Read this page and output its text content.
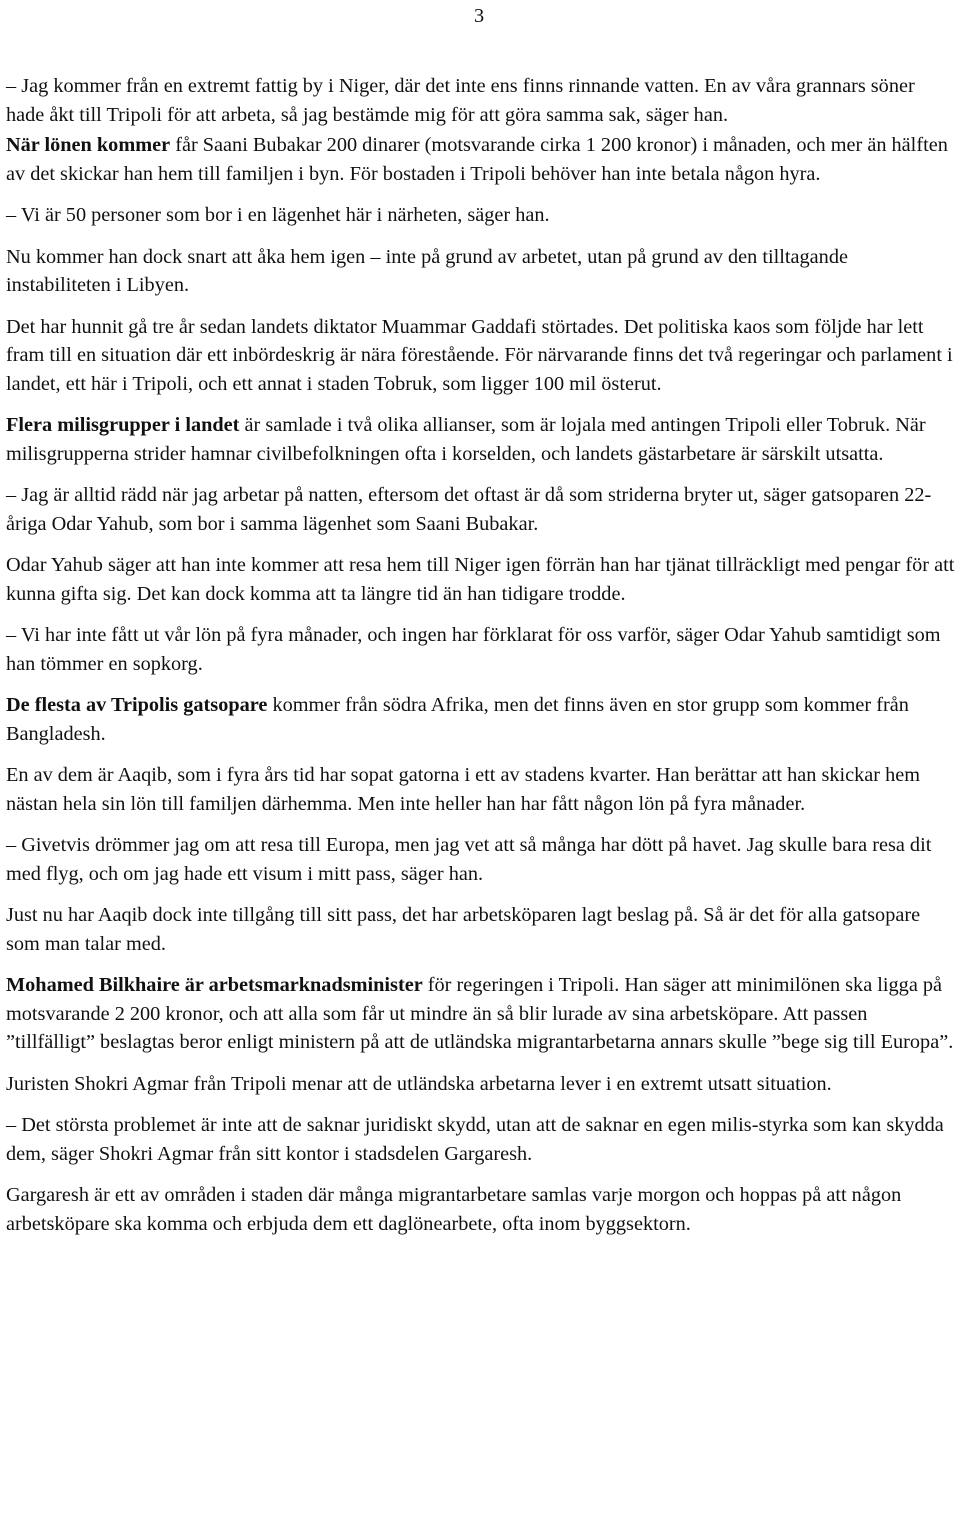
3

– Jag kommer från en extremt fattig by i Niger, där det inte ens finns rinnande vatten. En av våra grannars söner hade åkt till Tripoli för att arbeta, så jag bestämde mig för att göra samma sak, säger han.

När lönen kommer får Saani Bubakar 200 dinarer (motsvarande cirka 1 200 kronor) i månaden, och mer än hälften av det skickar han hem till familjen i byn. För bostaden i Tripoli behöver han inte betala någon hyra.

– Vi är 50 personer som bor i en lägenhet här i närheten, säger han.

Nu kommer han dock snart att åka hem igen – inte på grund av arbetet, utan på grund av den tilltagande instabiliteten i Libyen.

Det har hunnit gå tre år sedan landets diktator Muammar Gaddafi störtades. Det politiska kaos som följde har lett fram till en situation där ett inbördeskrig är nära förestående. För närvarande finns det två regeringar och parlament i landet, ett här i Tripoli, och ett annat i staden Tobruk, som ligger 100 mil österut.

Flera milisgrupper i landet är samlade i två olika allianser, som är lojala med antingen Tripoli eller Tobruk. När milisgrupperna strider hamnar civilbefolkningen ofta i korselden, och landets gästarbetare är särskilt utsatta.

– Jag är alltid rädd när jag arbetar på natten, eftersom det oftast är då som striderna bryter ut, säger gatsoparen 22-åriga Odar Yahub, som bor i samma lägenhet som Saani Bubakar.

Odar Yahub säger att han inte kommer att resa hem till Niger igen förrän han har tjänat tillräckligt med pengar för att kunna gifta sig. Det kan dock komma att ta längre tid än han tidigare trodde.

– Vi har inte fått ut vår lön på fyra månader, och ingen har förklarat för oss varför, säger Odar Yahub samtidigt som han tömmer en sopkorg.

De flesta av Tripolis gatsopare kommer från södra Afrika, men det finns även en stor grupp som kommer från Bangladesh.

En av dem är Aaqib, som i fyra års tid har sopat gatorna i ett av stadens kvarter. Han berättar att han skickar hem nästan hela sin lön till familjen därhemma. Men inte heller han har fått någon lön på fyra månader.

– Givetvis drömmer jag om att resa till Europa, men jag vet att så många har dött på havet. Jag skulle bara resa dit med flyg, och om jag hade ett visum i mitt pass, säger han.

Just nu har Aaqib dock inte tillgång till sitt pass, det har arbetsköparen lagt beslag på. Så är det för alla gatsopare som man talar med.

Mohamed Bilkhaire är arbetsmarknadsminister för regeringen i Tripoli. Han säger att minimilönen ska ligga på motsvarande 2 200 kronor, och att alla som får ut mindre än så blir lurade av sina arbetsköpare. Att passen ”tillfälligt” beslagtas beror enligt ministern på att de utländska migrantarbetarna annars skulle ”bege sig till Europa”.

Juristen Shokri Agmar från Tripoli menar att de utländska arbetarna lever i en extremt utsatt situation.

– Det största problemet är inte att de saknar juridiskt skydd, utan att de saknar en egen milis-styrka som kan skydda dem, säger Shokri Agmar från sitt kontor i stadsdelen Gargaresh.

Gargaresh är ett av områden i staden där många migrantarbetare samlas varje morgon och hoppas på att någon arbetsköpare ska komma och erbjuda dem ett daglönearbete, ofta inom byggsektorn.
